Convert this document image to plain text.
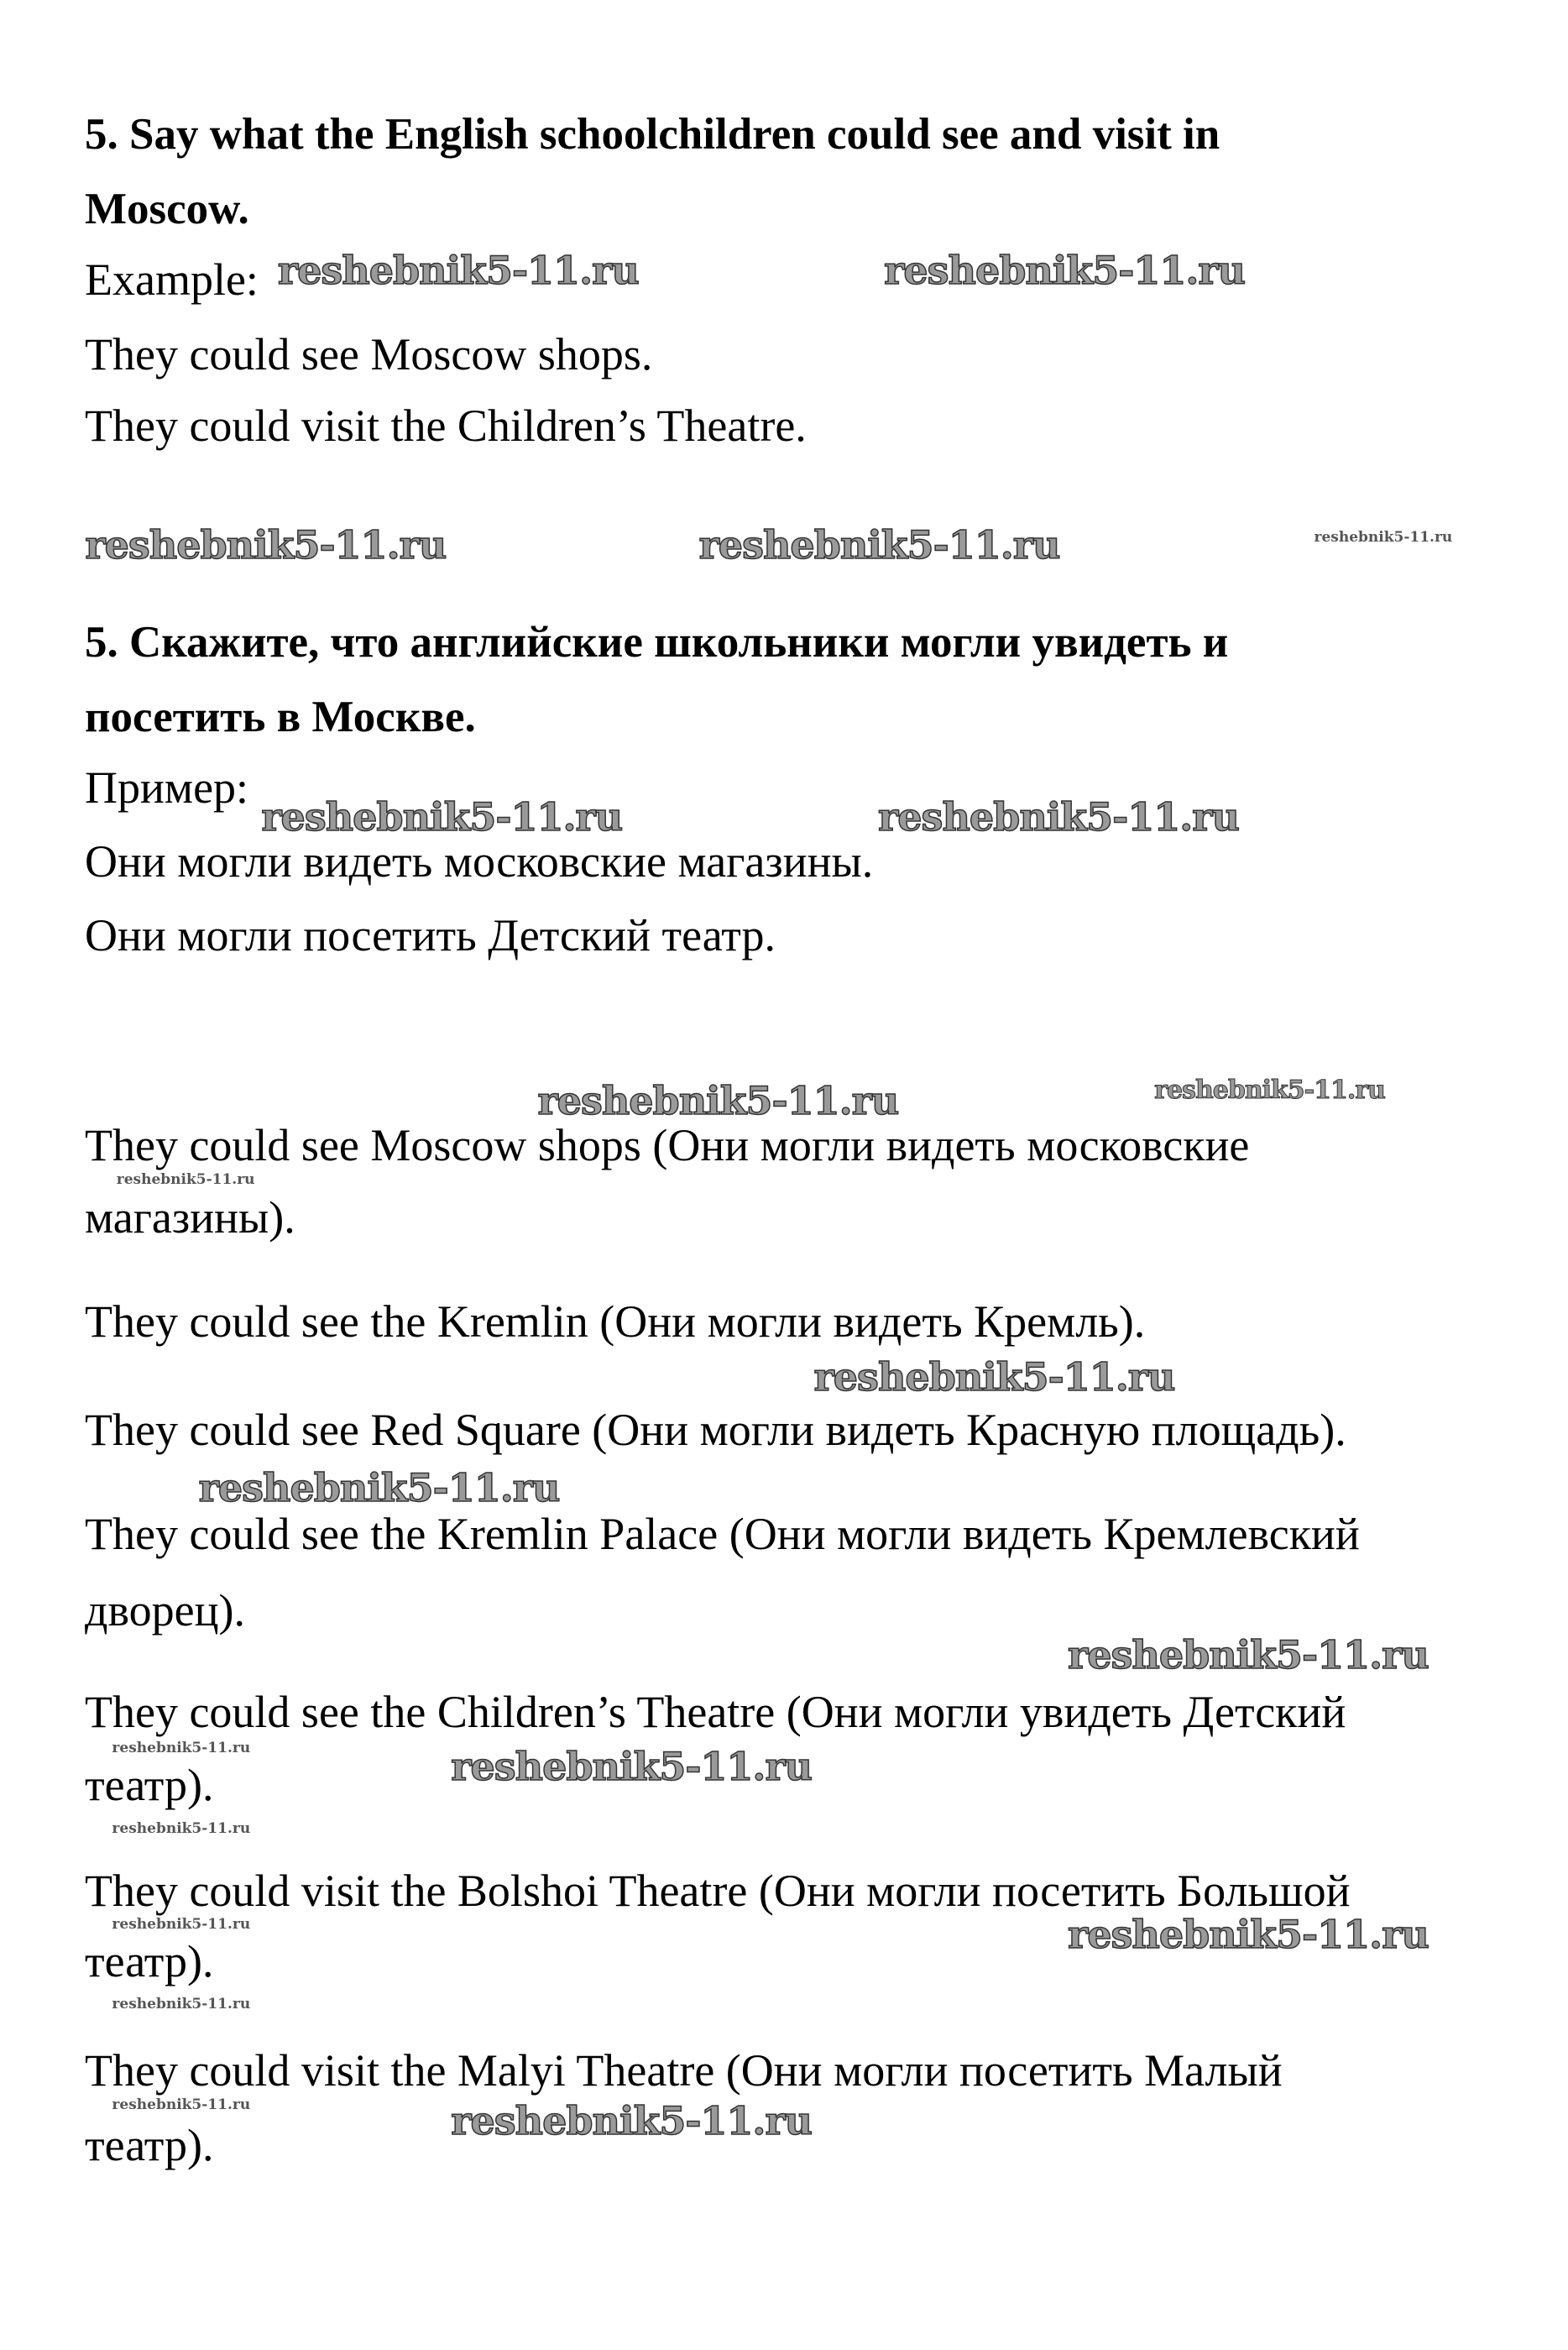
5. Say what the English schoolchildren could see and visit in
Moscow.
Example:
They could see Moscow shops.
They could visit the Children’s Theatre.
5. Скажите, что английские школьники могли увидеть и
посетить в Москве.
Пример:
Они могли видеть московские магазины.
Они могли посетить Детский театр.
They could see Moscow shops (Они могли видеть московские
магазины).
They could see the Kremlin (Они могли видеть Кремль).
They could see Red Square (Они могли видеть Красную площадь).
They could see the Kremlin Palace (Они могли видеть Кремлевский
дворец).
They could see the Children’s Theatre (Они могли увидеть Детский
театр).
They could visit the Bolshoi Theatre (Они могли посетить Большой
театр).
They could visit the Malyi Theatre (Они могли посетить Малый
театр).
reshebnik5-11.ru	reshebnik5-11.ru
reshebnik5-11.ru	reshebnik5-11.ru	reshebnik5-11.ru
reshebnik5-11.ru	reshebnik5-11.ru
reshebnik5-11.ru	reshebnik5-11.ru
reshebnik5-11.ru
reshebnik5-11.ru
reshebnik5-11.ru
reshebnik5-11.ru
reshebnik5-11.ru	reshebnik5-11.ru
reshebnik5-11.ru
reshebnik5-11.ru	reshebnik5-11.ru
reshebnik5-11.ru
reshebnik5-11.ru	reshebnik5-11.ru
